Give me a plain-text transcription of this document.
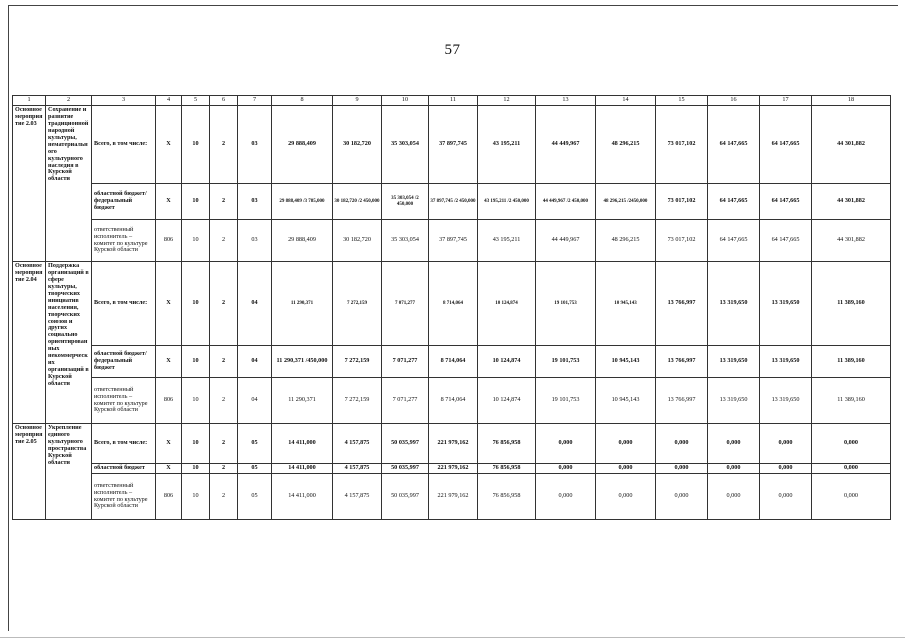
57
1	2	3	4	5	6	7	8	9	10	11	12	13	14	15	16	17	18
Основное мероприятие 2.03	Сохранение и развитие традиционной народной культуры, нематериального культурного наследия в Курской области	Всего, в том числе:	X	10	2	03	29 888,409	30 182,720	35 303,054	37 897,745	43 195,211	44 449,967	48 296,215	73 017,102	64 147,665	64 147,665	44 301,882
		областной бюджет/ федеральный бюджет	X	10	2	03	29 888,409 /3 785,000	30 182,720 /2 450,000	35 303,054 /2 450,000	37 897,745 /2 450,000	43 195,211 /2 450,000	44 449,967 /2 450,000	48 296,215 /2450,000	73 017,102	64 147,665	64 147,665	44 301,882
		ответственный исполнитель – комитет по культуре Курской области	806	10	2	03	29 888,409	30 182,720	35 303,054	37 897,745	43 195,211	44 449,967	48 296,215	73 017,102	64 147,665	64 147,665	44 301,882
Основное мероприятие 2.04	Поддержка организаций в сфере культуры, творческих инициатив населения, творческих союзов и других социально ориентированных некоммерческих организаций в Курской области	Всего, в том числе:	X	10	2	04	11 290,371	7 272,159	7 071,277	8 714,064	10 124,874	19 101,753	10 945,143	13 766,997	13 319,650	13 319,650	11 389,160
		областной бюджет/ федеральный бюджет	X	10	2	04	11 290,371 /450,000	7 272,159	7 071,277	8 714,064	10 124,874	19 101,753	10 945,143	13 766,997	13 319,650	13 319,650	11 389,160
		ответственный исполнитель – комитет по культуре Курской области	806	10	2	04	11 290,371	7 272,159	7 071,277	8 714,064	10 124,874	19 101,753	10 945,143	13 766,997	13 319,650	13 319,650	11 389,160
Основное мероприятие 2.05	Укрепление единого культурного пространства Курской области	Всего, в том числе:	X	10	2	05	14 411,000	4 157,875	50 035,997	221 979,162	76 856,958	0,000	0,000	0,000	0,000	0,000	0,000
		областной бюджет	X	10	2	05	14 411,000	4 157,875	50 035,997	221 979,162	76 856,958	0,000	0,000	0,000	0,000	0,000	0,000
		ответственный исполнитель – комитет по культуре Курской области	806	10	2	05	14 411,000	4 157,875	50 035,997	221 979,162	76 856,958	0,000	0,000	0,000	0,000	0,000	0,000
